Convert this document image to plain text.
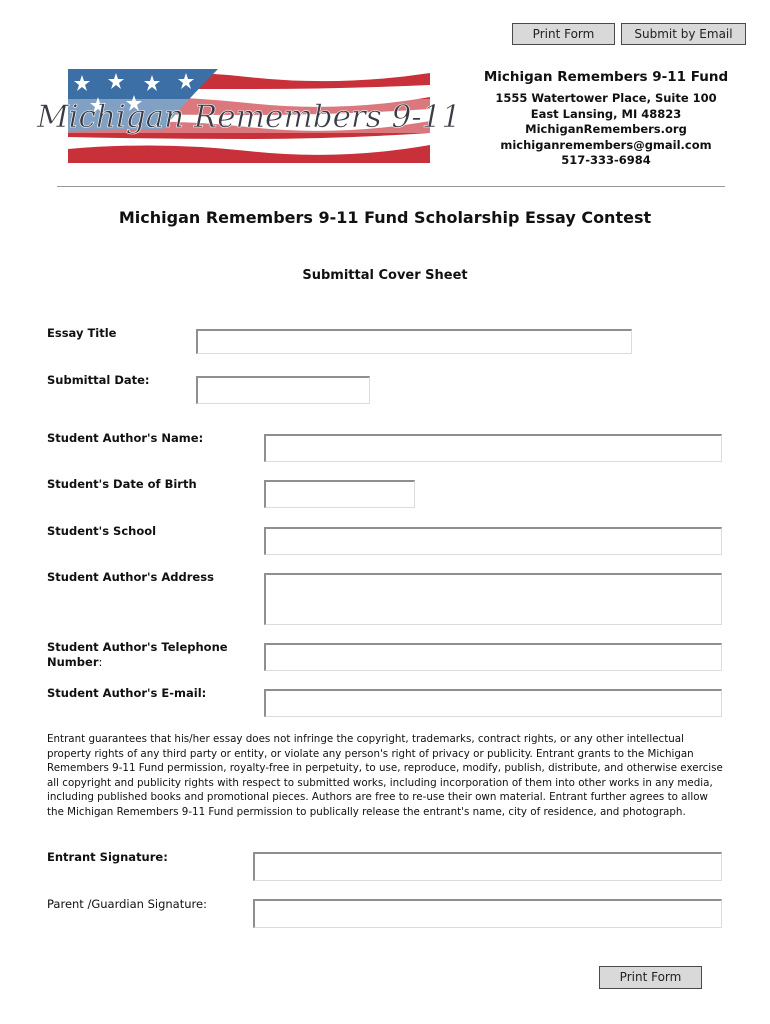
Print Form	Submit by Email
Michigan Remembers 9-11
Michigan Remembers 9-11 Fund
1555 Watertower Place, Suite 100
East Lansing, MI 48823
MichiganRemembers.org
michiganremembers@gmail.com
517-333-6984
Michigan Remembers 9-11 Fund Scholarship Essay Contest
Submittal Cover Sheet
Essay Title
Submittal Date:
Student Author's Name:
Student's Date of Birth
Student's School
Student Author's Address
Student Author's Telephone
Number:
Student Author's E-mail:
Entrant guarantees that his/her essay does not infringe the copyright, trademarks, contract rights, or any other intellectual property rights of any third party or entity, or violate any person's right of privacy or publicity. Entrant grants to the Michigan Remembers 9-11 Fund permission, royalty-free in perpetuity, to use, reproduce, modify, publish, distribute, and otherwise exercise all copyright and publicity rights with respect to submitted works, including incorporation of them into other works in any media, including published books and promotional pieces. Authors are free to re-use their own material. Entrant further agrees to allow the Michigan Remembers 9-11 Fund permission to publically release the entrant's name, city of residence, and photograph.
Entrant Signature:
Parent /Guardian Signature:
Print Form
